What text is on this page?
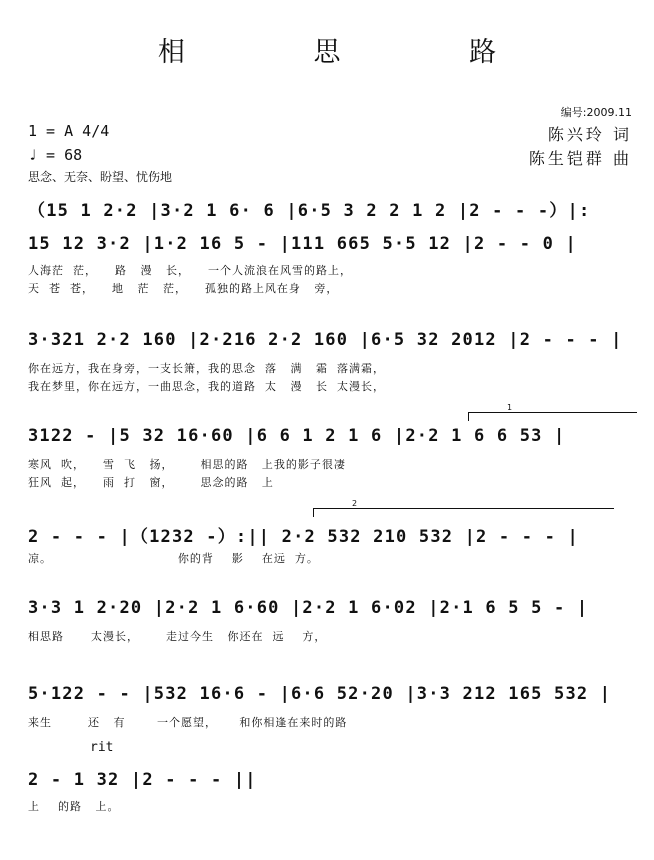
相 思 路
编号:2009.11
1 = A 4/4
♩ = 68
陈兴玲 词
陈生铠群 曲
思念、无奈、盼望、忧伤地
（15 1 2·2 |3·2 1 6· 6 |6·5 3 2 2 1 2 |2 - - -）|:
15 12 3·2 |1·2 16 5 - |111 665 5·5 12 |2 - - 0 |
人海茫  茫，    路   漫   长，    一个人流浪在风雪的路上，
天  苍  苍，    地   茫   茫，    孤独的路上风在身   旁，
3·321 2·2 160 |2·216 2·2 160 |6·5 32 2012 |2 - - - |
你在远方，我在身旁，一支长箫，我的思念  落   满   霜  落满霜，
我在梦里，你在远方，一曲思念，我的道路  太   漫   长  太漫长，
1
3122 - |5 32 16·60 |6 6 1 2 1 6 |2·2 1 6 6 53 |
寒风  吹，    雪  飞   扬，      相思的路   上我的影子很凄
狂风  起，    雨  打   窗，      思念的路   上
2
2 - - - |（1232 -）:|| 2·2 532 210 532 |2 - - - |
凉。                            你的背    影    在远  方。
3·3 1 2·20 |2·2 1 6·60 |2·2 1 6·02 |2·1 6 5 5 - |
相思路      太漫长，      走过今生   你还在  远    方，
5·122 - - |532 16·6 - |6·6 52·20 |3·3 212 165 532 |
来生        还   有       一个愿望，     和你相逢在来时的路
rit
2 - 1 32 |2 - - - ||
上    的路   上。
